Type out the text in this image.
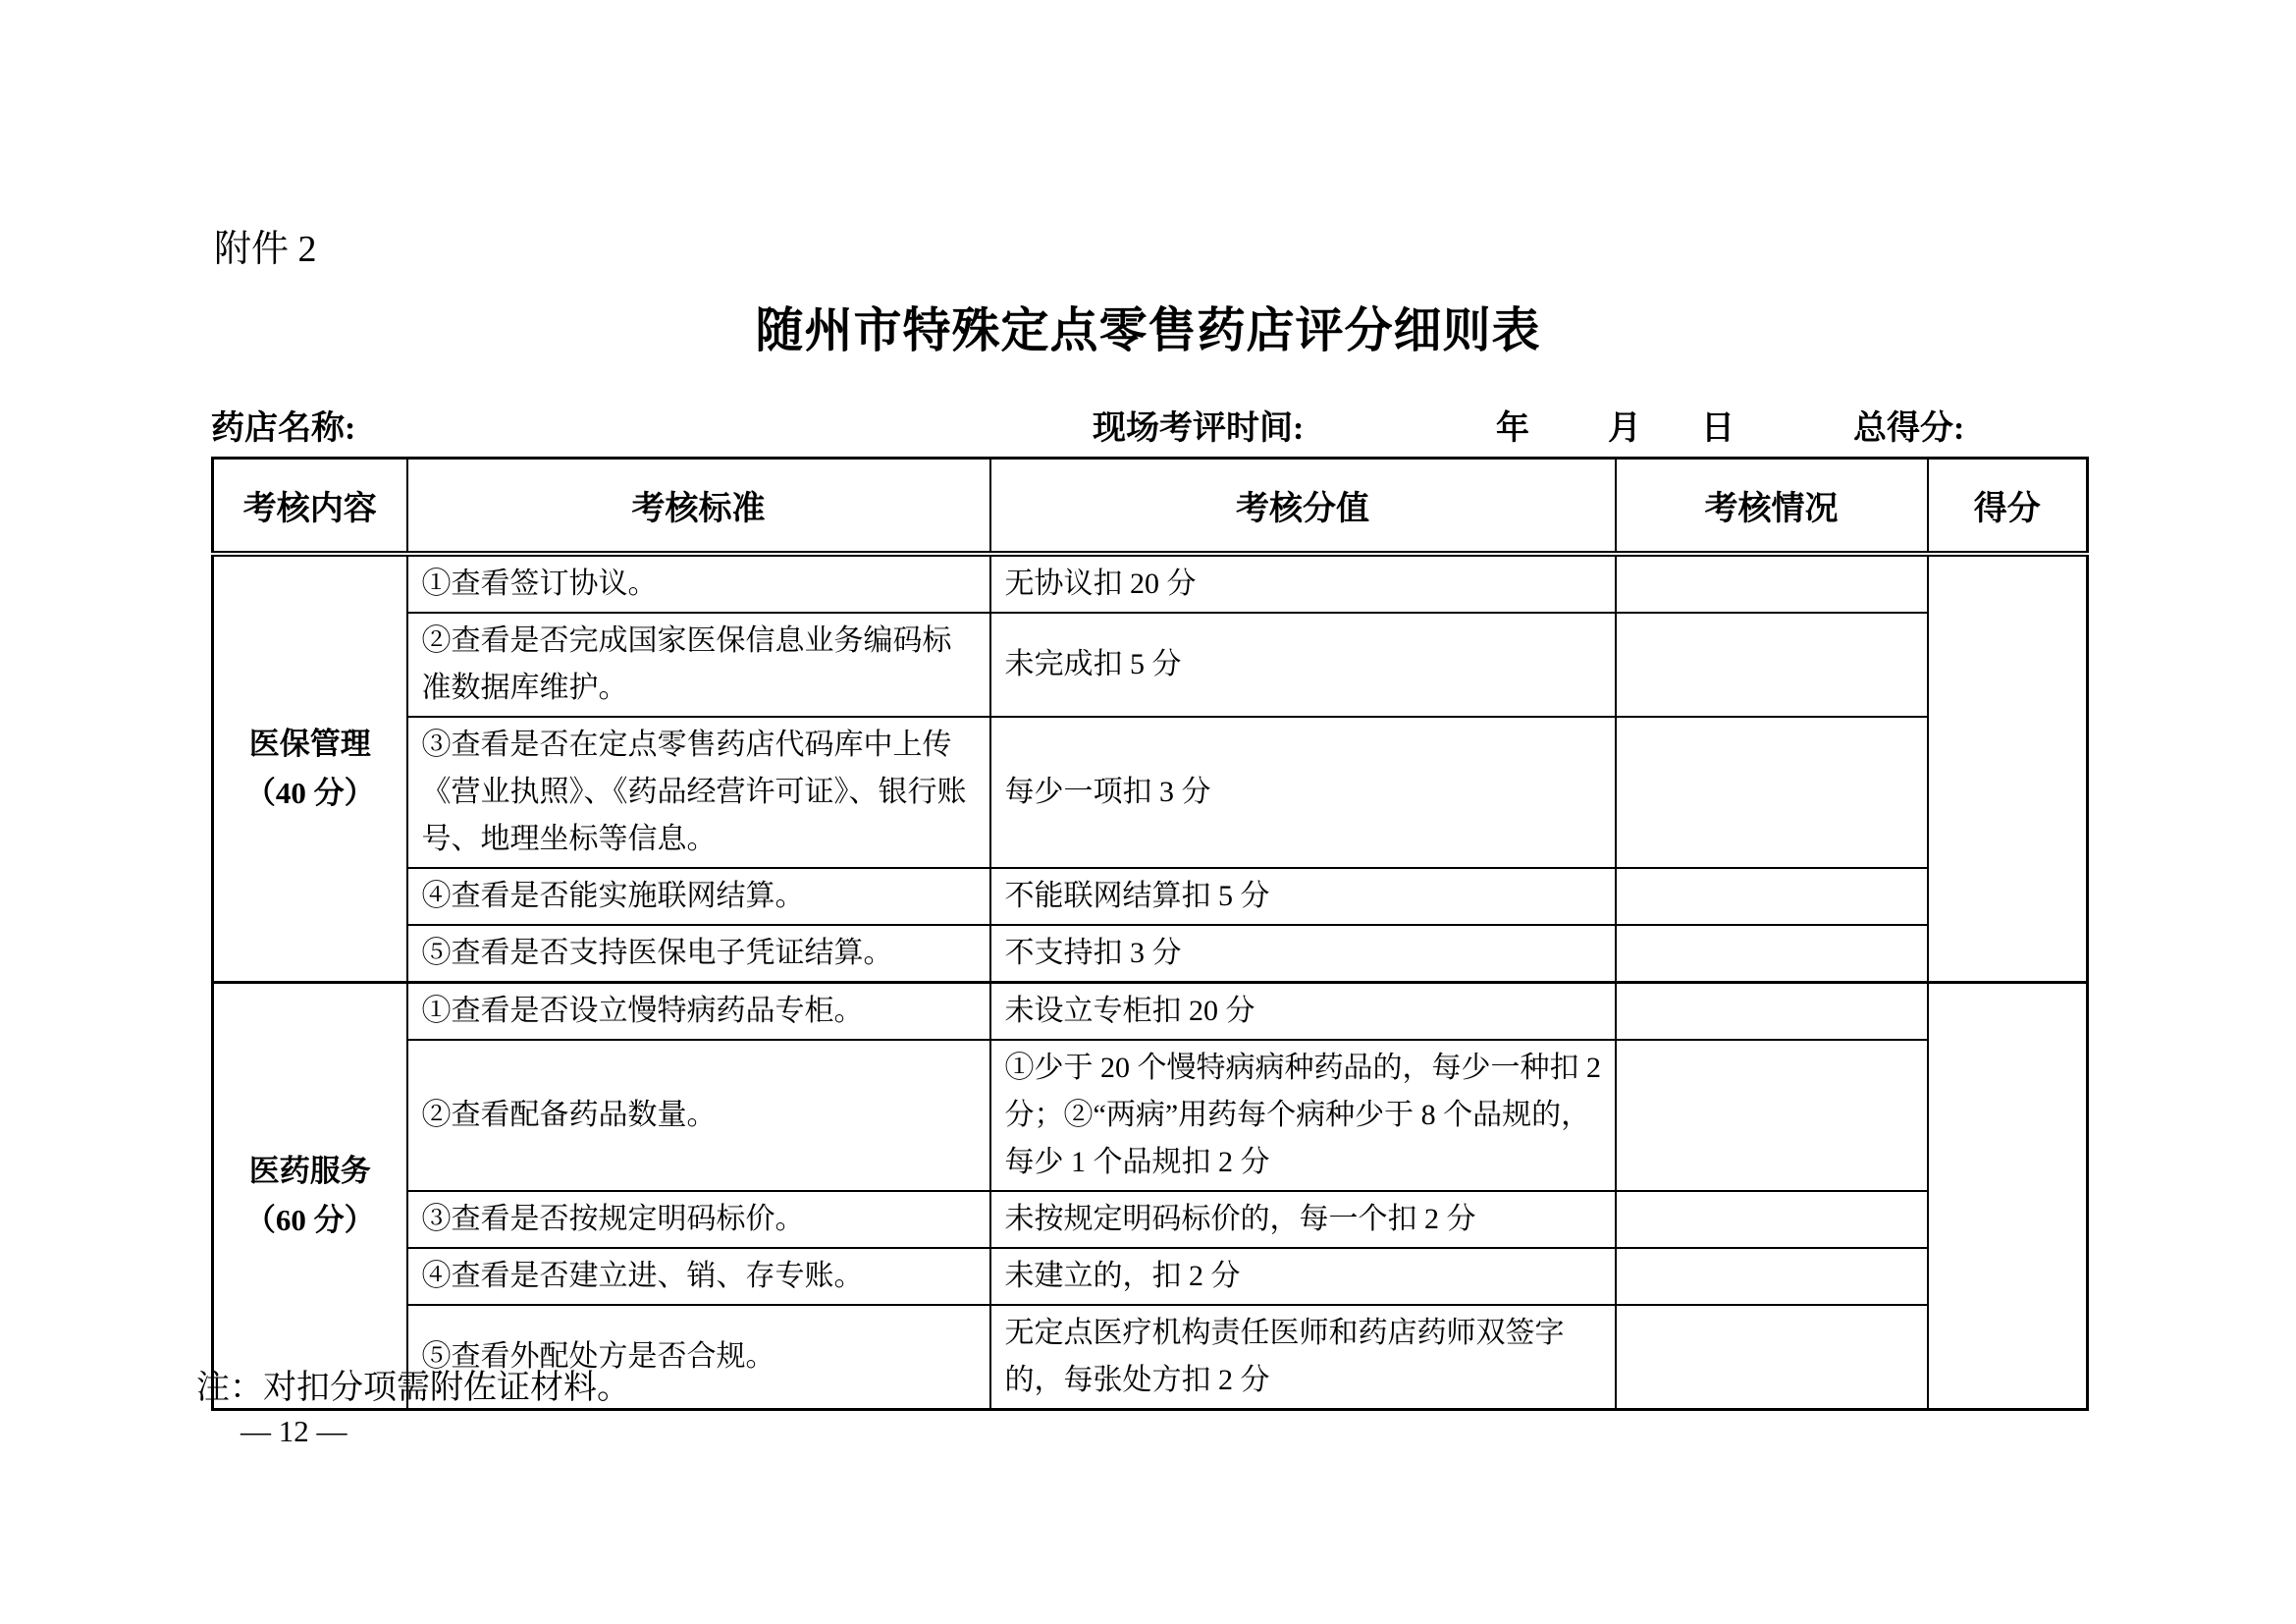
附件 2
随州市特殊定点零售药店评分细则表
药店名称:	现场考评时间:	年 月 日	总得分:
考核内容	考核标准	考核分值	考核情况	得分

医保管理
（40 分）	①查看签订协议。	无协议扣 20 分		
	②查看是否完成国家医保信息业务编码标准数据库维护。	未完成扣 5 分		
	③查看是否在定点零售药店代码库中上传《营业执照》、《药品经营许可证》、银行账号、地理坐标等信息。	每少一项扣 3 分		
	④查看是否能实施联网结算。	不能联网结算扣 5 分		
	⑤查看是否支持医保电子凭证结算。	不支持扣 3 分		

医药服务
（60 分）	①查看是否设立慢特病药品专柜。	未设立专柜扣 20 分		
	②查看配备药品数量。	①少于 20 个慢特病病种药品的，每少一种扣 2 分；②“两病”用药每个病种少于 8 个品规的，每少 1 个品规扣 2 分		
	③查看是否按规定明码标价。	未按规定明码标价的，每一个扣 2 分		
	④查看是否建立进、销、存专账。	未建立的，扣 2 分		
	⑤查看外配处方是否合规。	无定点医疗机构责任医师和药店药师双签字的，每张处方扣 2 分		
注：对扣分项需附佐证材料。
— 12 —
